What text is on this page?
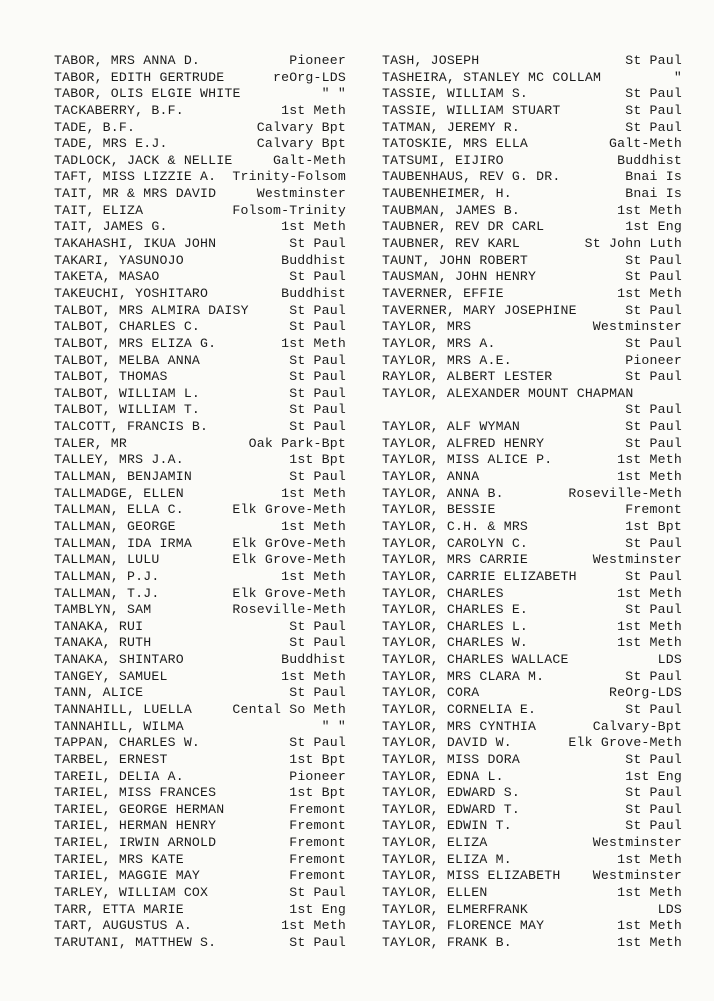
TABOR, MRS ANNA D.	Pioneer
TABOR, EDITH GERTRUDE	reOrg-LDS
TABOR, OLIS ELGIE WHITE	" "
TACKABERRY, B.F.	1st Meth
TADE, B.F.	Calvary Bpt
TADE, MRS E.J.	Calvary Bpt
TADLOCK, JACK & NELLIE	Galt-Meth
TAFT, MISS LIZZIE A. Trinity-Folsom
TAIT, MR & MRS DAVID	Westminster
TAIT, ELIZA	Folsom-Trinity
TAIT, JAMES G.	1st Meth
TAKAHASHI, IKUA JOHN	St Paul
TAKARI, YASUNOJO	Buddhist
TAKETA, MASAO	St Paul
TAKEUCHI, YOSHITARO	Buddhist
TALBOT, MRS ALMIRA DAISY	St Paul
TALBOT, CHARLES C.	St Paul
TALBOT, MRS ELIZA G.	1st Meth
TALBOT, MELBA ANNA	St Paul
TALBOT, THOMAS	St Paul
TALBOT, WILLIAM L.	St Paul
TALBOT, WILLIAM T.	St Paul
TALCOTT, FRANCIS B.	St Paul
TALER, MR	Oak Park-Bpt
TALLEY, MRS J.A.	1st Bpt
TALLMAN, BENJAMIN	St Paul
TALLMADGE, ELLEN	1st Meth
TALLMAN, ELLA C.	Elk Grove-Meth
TALLMAN, GEORGE	1st Meth
TALLMAN, IDA IRMA	Elk GrOve-Meth
TALLMAN, LULU	Elk Grove-Meth
TALLMAN, P.J.	1st Meth
TALLMAN, T.J.	Elk Grove-Meth
TAMBLYN, SAM	Roseville-Meth
TANAKA, RUI	St Paul
TANAKA, RUTH	St Paul
TANAKA, SHINTARO	Buddhist
TANGEY, SAMUEL	1st Meth
TANN, ALICE	St Paul
TANNAHILL, LUELLA	Cental So Meth
TANNAHILL, WILMA	" "
TAPPAN, CHARLES W.	St Paul
TARBEL, ERNEST	1st Bpt
TAREIL, DELIA A.	Pioneer
TARIEL, MISS FRANCES	1st Bpt
TARIEL, GEORGE HERMAN	Fremont
TARIEL, HERMAN HENRY	Fremont
TARIEL, IRWIN ARNOLD	Fremont
TARIEL, MRS KATE	Fremont
TARIEL, MAGGIE MAY	Fremont
TARLEY, WILLIAM COX	St Paul
TARR, ETTA MARIE	1st Eng
TART, AUGUSTUS A.	1st Meth
TARUTANI, MATTHEW S.	St Paul
TASH, JOSEPH	St Paul
TASHEIRA, STANLEY MC COLLAM	"
TASSIE, WILLIAM S.	St Paul
TASSIE, WILLIAM STUART	St Paul
TATMAN, JEREMY R.	St Paul
TATOSKIE, MRS ELLA	Galt-Meth
TATSUMI, EIJIRO	Buddhist
TAUBENHAUS, REV G. DR.	Bnai Is
TAUBENHEIMER, H.	Bnai Is
TAUBMAN, JAMES B.	1st Meth
TAUBNER, REV DR CARL	1st Eng
TAUBNER, REV KARL	St John Luth
TAUNT, JOHN ROBERT	St Paul
TAUSMAN, JOHN HENRY	St Paul
TAVERNER, EFFIE	1st Meth
TAVERNER, MARY JOSEPHINE	St Paul
TAYLOR, MRS	Westminster
TAYLOR, MRS A.	St Paul
TAYLOR, MRS A.E.	Pioneer
RAYLOR, ALBERT LESTER	St Paul
TAYLOR, ALEXANDER MOUNT CHAPMAN
St Paul
TAYLOR, ALF WYMAN	St Paul
TAYLOR, ALFRED HENRY	St Paul
TAYLOR, MISS ALICE P.	1st Meth
TAYLOR, ANNA	1st Meth
TAYLOR, ANNA B.	Roseville-Meth
TAYLOR, BESSIE	Fremont
TAYLOR, C.H. & MRS	1st Bpt
TAYLOR, CAROLYN C.	St Paul
TAYLOR, MRS CARRIE	Westminster
TAYLOR, CARRIE ELIZABETH	St Paul
TAYLOR, CHARLES	1st Meth
TAYLOR, CHARLES E.	St Paul
TAYLOR, CHARLES L.	1st Meth
TAYLOR, CHARLES W.	1st Meth
TAYLOR, CHARLES WALLACE	LDS
TAYLOR, MRS CLARA M.	St Paul
TAYLOR, CORA	ReOrg-LDS
TAYLOR, CORNELIA E.	St Paul
TAYLOR, MRS CYNTHIA	Calvary-Bpt
TAYLOR, DAVID W.	Elk Grove-Meth
TAYLOR, MISS DORA	St Paul
TAYLOR, EDNA L.	1st Eng
TAYLOR, EDWARD S.	St Paul
TAYLOR, EDWARD T.	St Paul
TAYLOR, EDWIN T.	St Paul
TAYLOR, ELIZA	Westminster
TAYLOR, ELIZA M.	1st Meth
TAYLOR, MISS ELIZABETH Westminster
TAYLOR, ELLEN	1st Meth
TAYLOR, ELMERFRANK	LDS
TAYLOR, FLORENCE MAY	1st Meth
TAYLOR, FRANK B.	1st Meth
